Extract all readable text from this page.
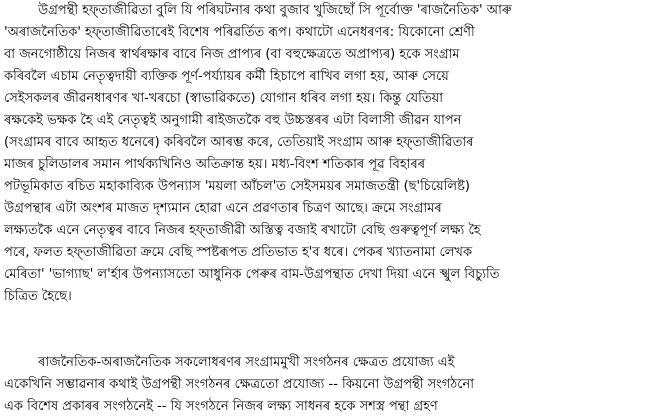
উগ্রপন্থী হফ্তাজীৱিতা বুলি যি পৰিঘটনাৰ কথা বুজাব খুজিছোঁ সি পূৰ্বোক্ত 'ৰাজনৈতিক' আৰু
'অৰাজনৈতিক' হফ্তাজীৱিতাৰেই বিশেষ পৰিৱৰ্তিত ৰূপ। কথাটো এনেধৰণৰ: যিকোনো শ্ৰেণী
বা জনগোষ্ঠীয়ে নিজৰ স্বাৰ্থৰক্ষাৰ বাবে নিজ প্ৰাপ্যৰ (বা বহুক্ষেত্ৰতে অপ্ৰাপ্যৰ) হকে সংগ্ৰাম
কৰিবলৈ এচাম নেতৃত্বদায়ী ব্যক্তিক পূৰ্ণ-পৰ্য্যায়ৰ কৰ্মী হিচাপে ৰাখিব লগা হয়, আৰু সেয়ে
সেইসকলৰ জীৱনধাৰণৰ খা-খৰচো (স্বাভাৱিকতে) যোগান ধৰিব লগা হয়। কিন্তু যেতিয়া
ৰক্ষকেই ভক্ষক হৈ এই নেতৃত্বই অনুগামী ৰাইজতকৈ বহু উচ্চস্তৰৰ এটা বিলাসী জীৱন যাপন
(সংগ্ৰামৰ বাবে আহৃত ধনেৰে) কৰিবলৈ আৰম্ভ কৰে, তেতিয়াই সংগ্ৰাম আৰু হফ্তাজীৱিতাৰ
মাজৰ চুলিডালৰ সমান পাৰ্থক্যখিনিও অতিক্ৰান্ত হয়। মধ্য-বিংশ শতিকাৰ পূৱ বিহাৰৰ
পটভূমিকাত ৰচিত মহাকাব্যিক উপন্যাস 'ময়লা আঁচল'ত সেইসময়ৰ সমাজতন্ত্ৰী (ছ'চিয়েলিষ্ট)
উগ্ৰপন্থাৰ এটা অংশৰ মাজত দৃশ্যমান হোৱা এনে প্ৰৱণতাৰ চিত্ৰণ আছে। ক্ৰমে সংগ্ৰামৰ
লক্ষ্যতকৈ এনে নেতৃত্বৰ বাবে নিজৰ হফ্তাজীৱী অস্তিত্ব বজাই ৰখাটো বেছি গুৰুত্বপূৰ্ণ লক্ষ্য হৈ
পৰে, ফলত হফ্তাজীৱিতা ক্ৰমে বেছি স্পষ্টৰূপত প্ৰতিভাত হ'ব ধৰে। পেকৰ খ্যাতনামা লেখক
মেৰিতা' 'ভাগ্যাছ' ল'ৰ্হাৰ উপন্যাসতো আধুনিক পেৰুৰ বাম-উগ্ৰপন্থাত দেখা দিয়া এনে স্খুল বিচ্যুতি
চিত্ৰিত হৈছে।
ৰাজনৈতিক-অৰাজনৈতিক সকলোধৰণৰ সংগ্ৰামমুখী সংগঠনৰ ক্ষেত্ৰত প্ৰযোজ্য এই
একেখিনি সম্ভাৱনাৰ কথাই উগ্ৰপন্থী সংগঠনৰ ক্ষেত্ৰতো প্ৰযোজ্য -- কিয়নো উগ্ৰপন্থী সংগঠনো
এক বিশেষ প্ৰকাৰৰ সংগঠনেই -- যি সংগঠনে নিজৰ লক্ষ্য সাধনৰ হকে সশস্ত্ৰ পন্থা গ্ৰহণ
